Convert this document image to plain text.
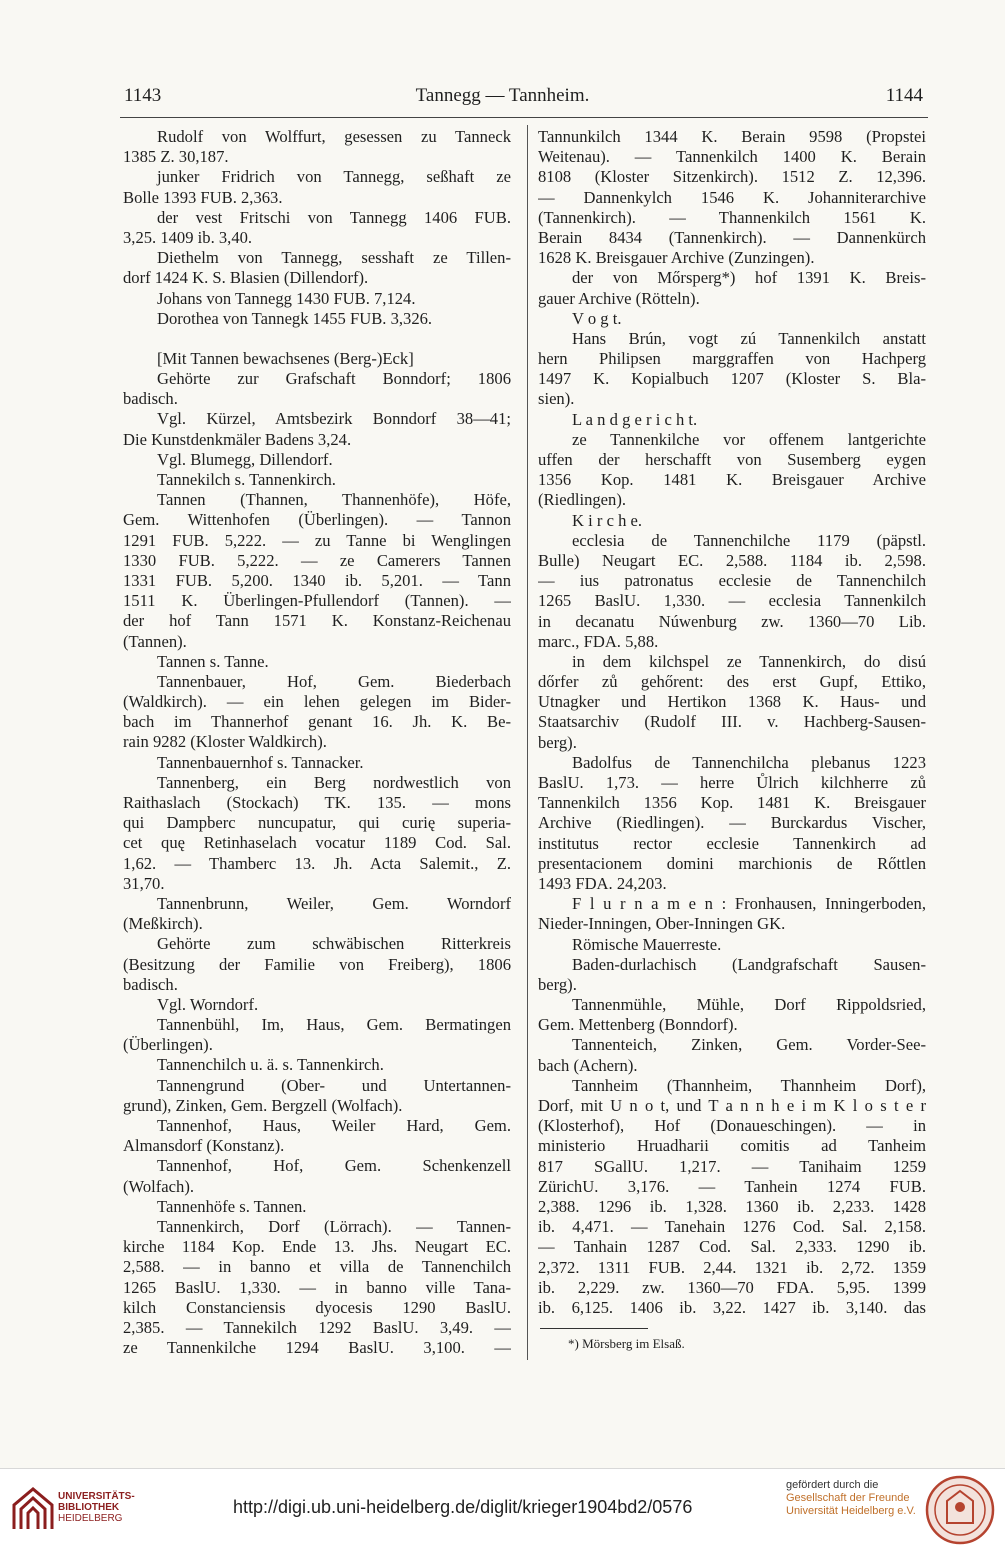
Tannegg — Tannheim.
1143	1144
Rudolf von Wolffurt, gesessen zu Tanneck
1385 Z. 30,187.
junker Fridrich von Tannegg, seßhaft ze
Bolle 1393 FUB. 2,363.
der vest Fritschi von Tannegg 1406 FUB.
3,25. 1409 ib. 3,40.
Diethelm von Tannegg, sesshaft ze Tillen-
dorf 1424 K. S. Blasien (Dillendorf).
Johans von Tannegg 1430 FUB. 7,124.
Dorothea von Tannegk 1455 FUB. 3,326.
[Mit Tannen bewachsenes (Berg-)Eck]
Gehörte zur Grafschaft Bonndorf; 1806
badisch.
Vgl. Kürzel, Amtsbezirk Bonndorf 38—41;
Die Kunstdenkmäler Badens 3,24.
Vgl. Blumegg, Dillendorf.
Tannekilch s. Tannenkirch.
Tannen (Thannen, Thannenhöfe), Höfe,
Gem. Wittenhofen (Überlingen). — Tannon
1291 FUB. 5,222. — zu Tanne bi Wenglingen
1330 FUB. 5,222. — ze Camerers Tannen
1331 FUB. 5,200. 1340 ib. 5,201. — Tann
1511 K. Überlingen-Pfullendorf (Tannen). —
der hof Tann 1571 K. Konstanz-Reichenau
(Tannen).
Tannen s. Tanne.
Tannenbauer, Hof, Gem. Biederbach
(Waldkirch). — ein lehen gelegen im Bider-
bach im Thannerhof genant 16. Jh. K. Be-
rain 9282 (Kloster Waldkirch).
Tannenbauernhof s. Tannacker.
Tannenberg, ein Berg nordwestlich von
Raithaslach (Stockach) TK. 135. — mons
qui Dampberc nuncupatur, qui curię superia-
cet quę Retinhaselach vocatur 1189 Cod. Sal.
1,62. — Thamberc 13. Jh. Acta Salemit., Z.
31,70.
Tannenbrunn, Weiler, Gem. Worndorf
(Meßkirch).
Gehörte zum schwäbischen Ritterkreis
(Besitzung der Familie von Freiberg), 1806
badisch.
Vgl. Worndorf.
Tannenbühl, Im, Haus, Gem. Bermatingen
(Überlingen).
Tannenchilch u. ä. s. Tannenkirch.
Tannengrund (Ober- und Untertannen-
grund), Zinken, Gem. Bergzell (Wolfach).
Tannenhof, Haus, Weiler Hard, Gem.
Almansdorf (Konstanz).
Tannenhof, Hof, Gem. Schenkenzell
(Wolfach).
Tannenhöfe s. Tannen.
Tannenkirch, Dorf (Lörrach). — Tannen-
kirche 1184 Kop. Ende 13. Jhs. Neugart EC.
2,588. — in banno et villa de Tannenchilch
1265 BaslU. 1,330. — in banno ville Tana-
kilch Constanciensis dyocesis 1290 BaslU.
2,385. — Tannekilch 1292 BaslU. 3,49. —
ze Tannenkilche 1294 BaslU. 3,100. —
Tannunkilch 1344 K. Berain 9598 (Propstei
Weitenau). — Tannenkilch 1400 K. Berain
8108 (Kloster Sitzenkirch). 1512 Z. 12,396.
— Dannenkylch 1546 K. Johanniterarchive
(Tannenkirch). — Thannenkilch 1561 K.
Berain 8434 (Tannenkirch). — Dannenkürch
1628 K. Breisgauer Archive (Zunzingen).
der von Mőrsperg*) hof 1391 K. Breis-
gauer Archive (Rötteln).
V o g t.
Hans Brún, vogt zú Tannenkilch anstatt
hern Philipsen marggraffen von Hachperg
1497 K. Kopialbuch 1207 (Kloster S. Bla-
sien).
L a n d g e r i c h t.
ze Tannenkilche vor offenem lantgerichte
uffen der herschafft von Susemberg eygen
1356 Kop. 1481 K. Breisgauer Archive
(Riedlingen).
K i r c h e.
ecclesia de Tannenchilche 1179 (päpstl.
Bulle) Neugart EC. 2,588. 1184 ib. 2,598.
— ius patronatus ecclesie de Tannenchilch
1265 BaslU. 1,330. — ecclesia Tannenkilch
in decanatu Núwenburg zw. 1360—70 Lib.
marc., FDA. 5,88.
in dem kilchspel ze Tannenkirch, do disú
dőrfer zů gehőrent: des erst Gupf, Ettiko,
Utnagker und Hertikon 1368 K. Haus- und
Staatsarchiv (Rudolf III. v. Hachberg-Sausen-
berg).
Badolfus de Tannenchilcha plebanus 1223
BaslU. 1,73. — herre Ůlrich kilchherre zů
Tannenkilch 1356 Kop. 1481 K. Breisgauer
Archive (Riedlingen). — Burckardus Vischer,
institutus rector ecclesie Tannenkirch ad
presentacionem domini marchionis de Rőttlen
1493 FDA. 24,203.
F l u r n a m e n : Fronhausen, Inningerboden,
Nieder-Inningen, Ober-Inningen GK.
Römische Mauerreste.
Baden-durlachisch (Landgrafschaft Sausen-
berg).
Tannenmühle, Mühle, Dorf Rippoldsried,
Gem. Mettenberg (Bonndorf).
Tannenteich, Zinken, Gem. Vorder-See-
bach (Achern).
Tannheim (Thannheim, Thannheim Dorf),
Dorf, mit U n o t, und T a n n h e i m K l o s t e r
(Klosterhof), Hof (Donaueschingen). — in
ministerio Hruadharii comitis ad Tanheim
817 SGallU. 1,217. — Tanihaim 1259
ZürichU. 3,176. — Tanhein 1274 FUB.
2,388. 1296 ib. 1,328. 1360 ib. 2,233. 1428
ib. 4,471. — Tanehain 1276 Cod. Sal. 2,158.
— Tanhain 1287 Cod. Sal. 2,333. 1290 ib.
2,372. 1311 FUB. 2,44. 1321 ib. 2,72. 1359
ib. 2,229. zw. 1360—70 FDA. 5,95. 1399
ib. 6,125. 1406 ib. 3,22. 1427 ib. 3,140. das
*) Mörsberg im Elsaß.
UNIVERSITÄTS-
BIBLIOTHEK
HEIDELBERG
http://digi.ub.uni-heidelberg.de/diglit/krieger1904bd2/0576
gefördert durch die
Gesellschaft der Freunde
Universität Heidelberg e.V.
